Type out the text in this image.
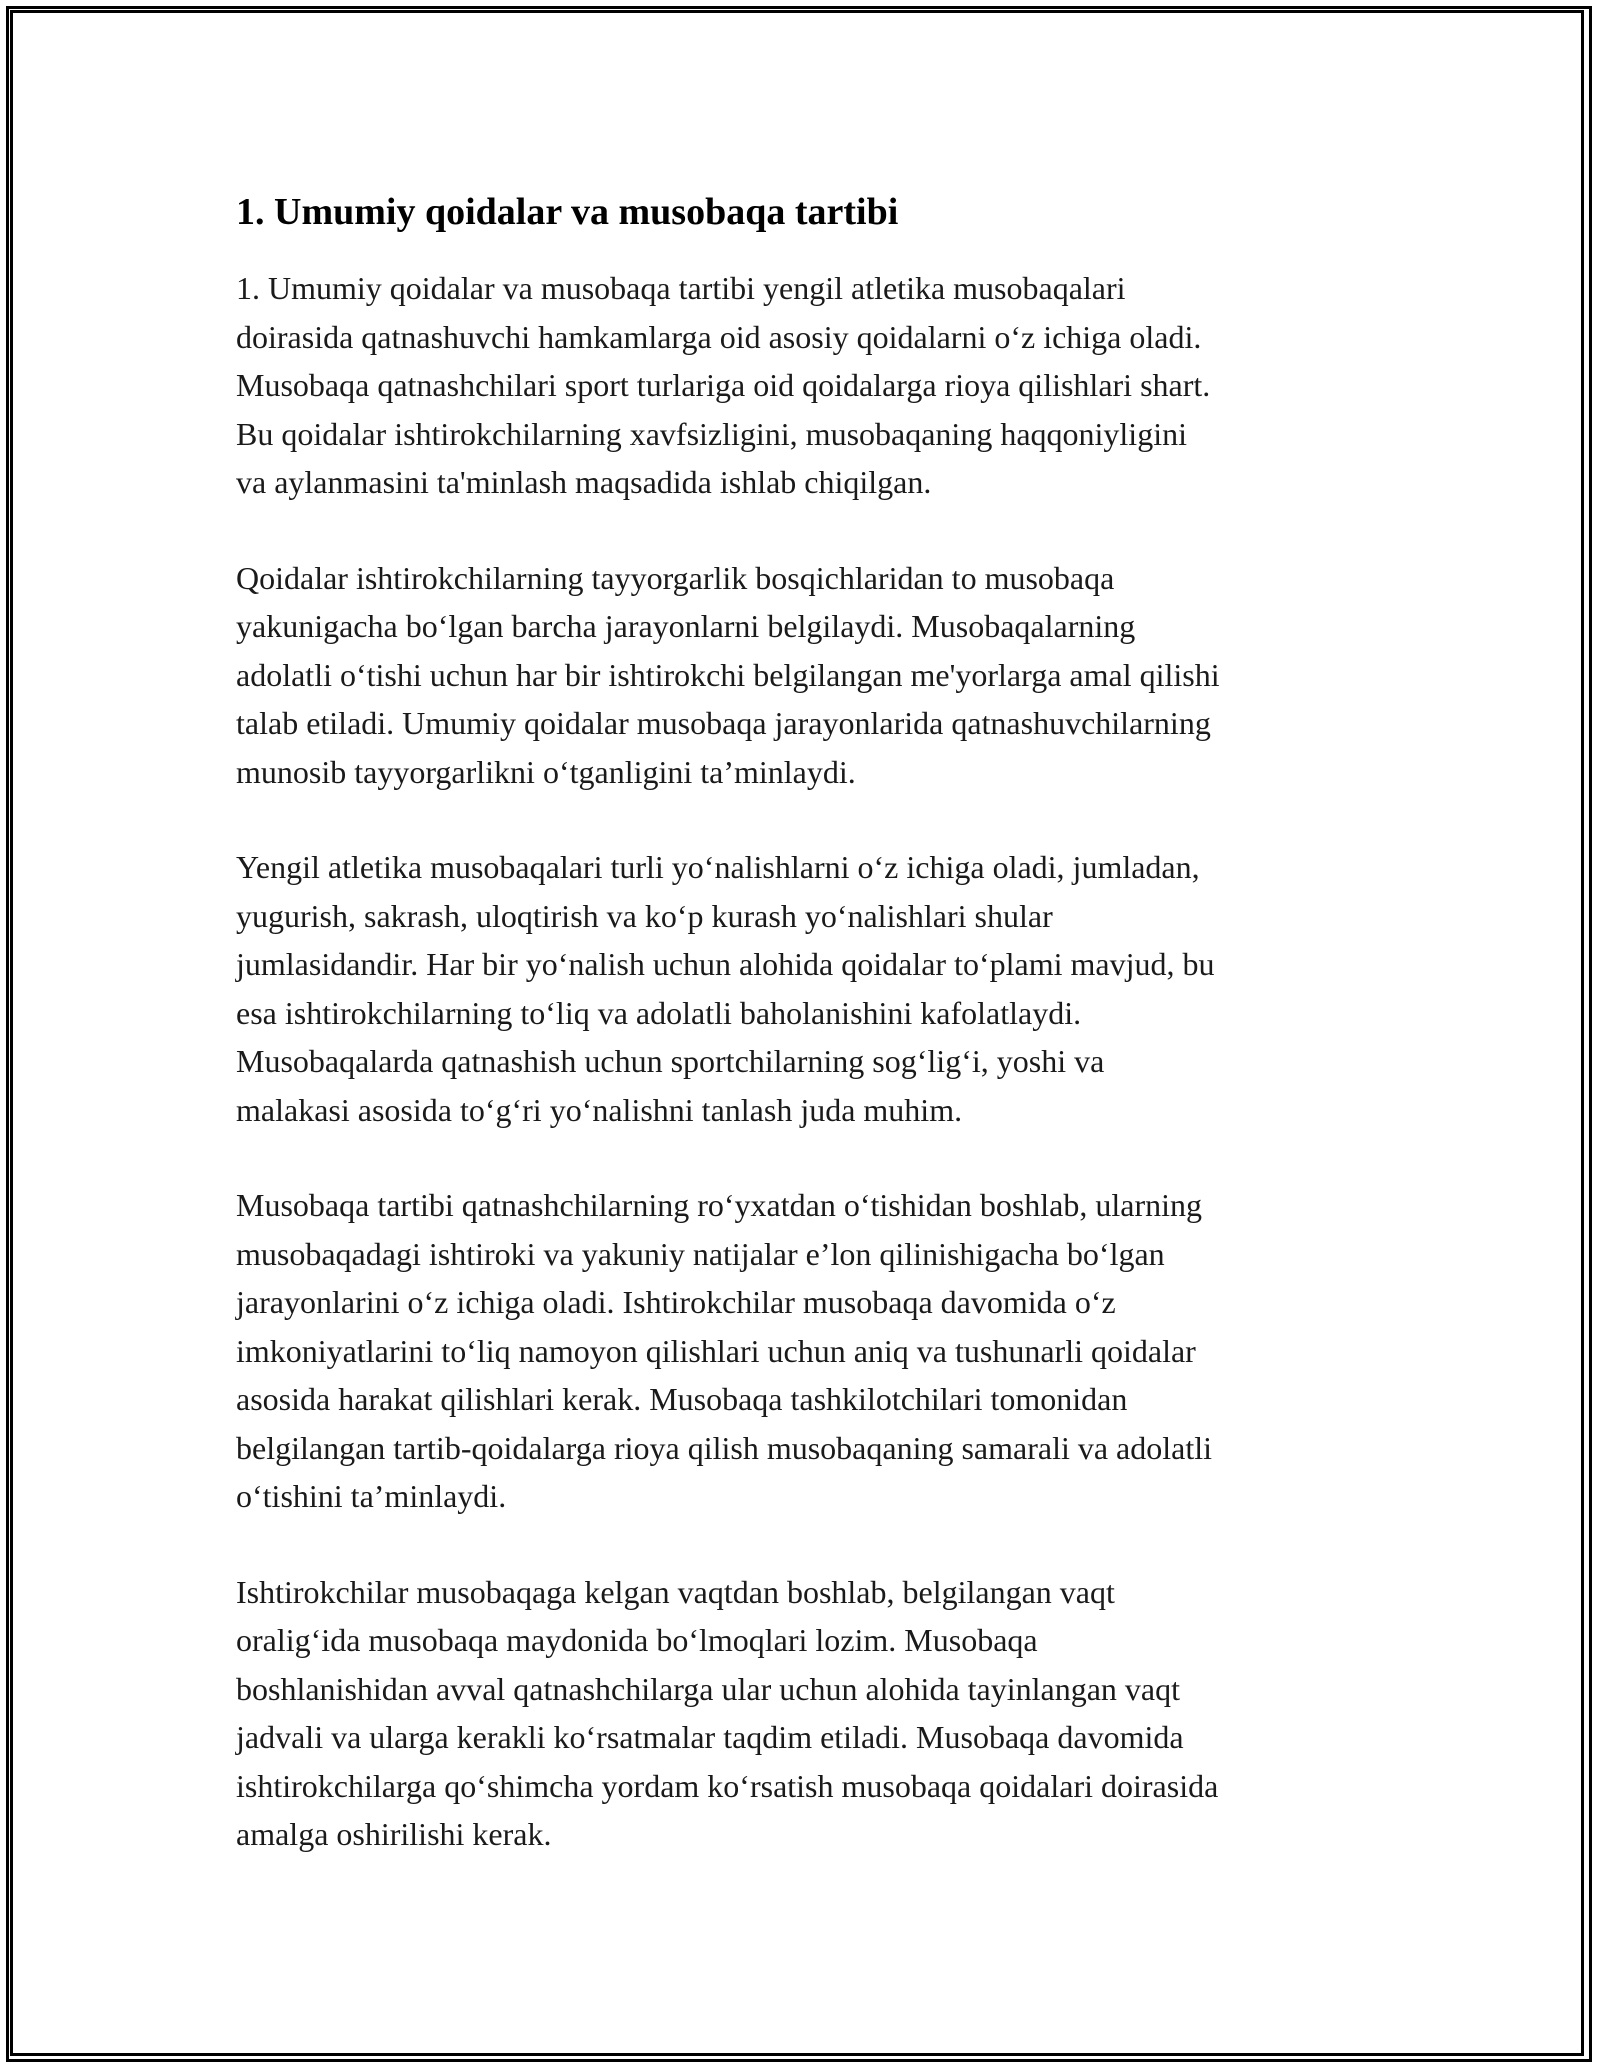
1. Umumiy qoidalar va musobaqa tartibi

1. Umumiy qoidalar va musobaqa tartibi yengil atletika musobaqalari
doirasida qatnashuvchi hamkamlarga oid asosiy qoidalarni o‘z ichiga oladi.
Musobaqa qatnashchilari sport turlariga oid qoidalarga rioya qilishlari shart.
Bu qoidalar ishtirokchilarning xavfsizligini, musobaqaning haqqoniyligini
va aylanmasini ta'minlash maqsadida ishlab chiqilgan.

Qoidalar ishtirokchilarning tayyorgarlik bosqichlaridan to musobaqa
yakunigacha bo‘lgan barcha jarayonlarni belgilaydi. Musobaqalarning
adolatli o‘tishi uchun har bir ishtirokchi belgilangan me'yorlarga amal qilishi
talab etiladi. Umumiy qoidalar musobaqa jarayonlarida qatnashuvchilarning
munosib tayyorgarlikni o‘tganligini ta’minlaydi.

Yengil atletika musobaqalari turli yo‘nalishlarni o‘z ichiga oladi, jumladan,
yugurish, sakrash, uloqtirish va ko‘p kurash yo‘nalishlari shular
jumlasidandir. Har bir yo‘nalish uchun alohida qoidalar to‘plami mavjud, bu
esa ishtirokchilarning to‘liq va adolatli baholanishini kafolatlaydi.
Musobaqalarda qatnashish uchun sportchilarning sog‘lig‘i, yoshi va
malakasi asosida to‘g‘ri yo‘nalishni tanlash juda muhim.

Musobaqa tartibi qatnashchilarning ro‘yxatdan o‘tishidan boshlab, ularning
musobaqadagi ishtiroki va yakuniy natijalar e’lon qilinishigacha bo‘lgan
jarayonlarini o‘z ichiga oladi. Ishtirokchilar musobaqa davomida o‘z
imkoniyatlarini to‘liq namoyon qilishlari uchun aniq va tushunarli qoidalar
asosida harakat qilishlari kerak. Musobaqa tashkilotchilari tomonidan
belgilangan tartib-qoidalarga rioya qilish musobaqaning samarali va adolatli
o‘tishini ta’minlaydi.

Ishtirokchilar musobaqaga kelgan vaqtdan boshlab, belgilangan vaqt
oralig‘ida musobaqa maydonida bo‘lmoqlari lozim. Musobaqa
boshlanishidan avval qatnashchilarga ular uchun alohida tayinlangan vaqt
jadvali va ularga kerakli ko‘rsatmalar taqdim etiladi. Musobaqa davomida
ishtirokchilarga qo‘shimcha yordam ko‘rsatish musobaqa qoidalari doirasida
amalga oshirilishi kerak.
